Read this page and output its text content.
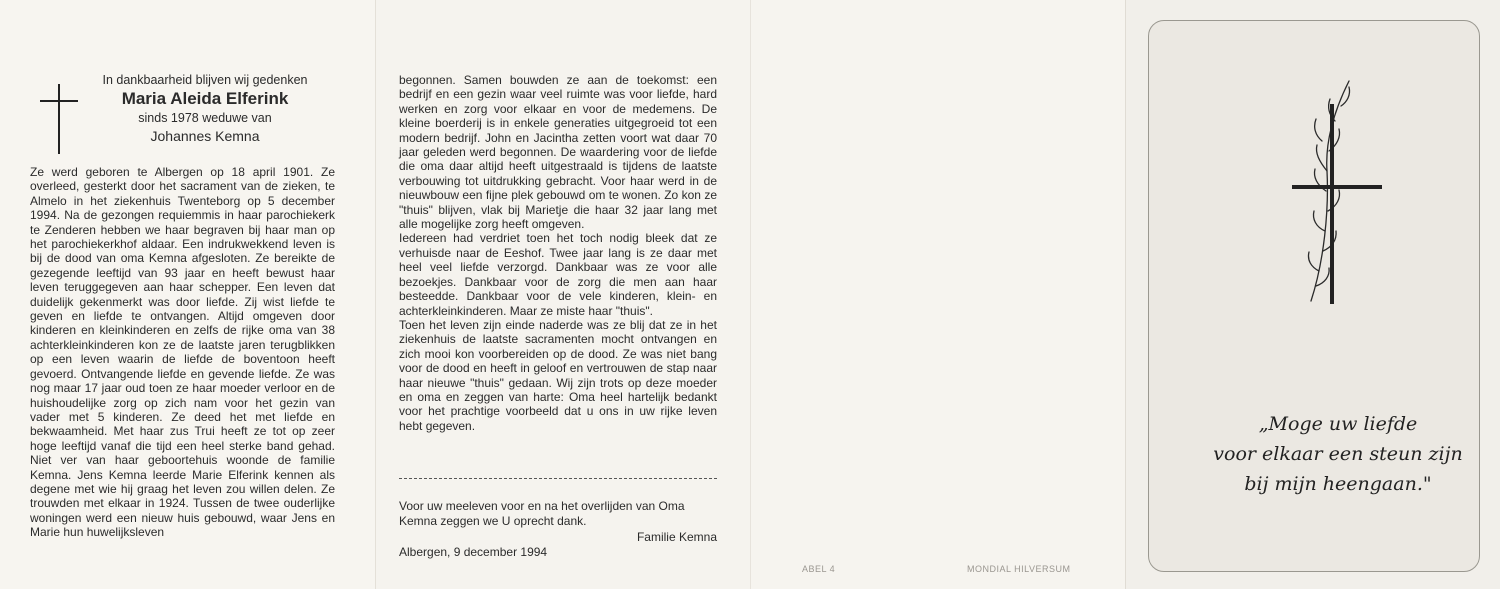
In dankbaarheid blijven wij gedenken
Maria Aleida Elferink
sinds 1978 weduwe van
Johannes Kemna
Ze werd geboren te Albergen op 18 april 1901. Ze overleed, gesterkt door het sacrament van de zieken, te Almelo in het ziekenhuis Twenteborg op 5 december 1994. Na de gezongen requiemmis in haar parochiekerk te Zenderen hebben we haar begraven bij haar man op het parochiekerkhof aldaar. Een indrukwekkend leven is bij de dood van oma Kemna afgesloten. Ze bereikte de gezegende leeftijd van 93 jaar en heeft bewust haar leven teruggegeven aan haar schepper. Een leven dat duidelijk gekenmerkt was door liefde. Zij wist liefde te geven en liefde te ontvangen. Altijd omgeven door kinderen en kleinkinderen en zelfs de rijke oma van 38 achterkleinkinderen kon ze de laatste jaren terugblikken op een leven waarin de liefde de boventoon heeft gevoerd. Ontvangende liefde en gevende liefde. Ze was nog maar 17 jaar oud toen ze haar moeder verloor en de huishoudelijke zorg op zich nam voor het gezin van vader met 5 kinderen. Ze deed het met liefde en bekwaamheid. Met haar zus Trui heeft ze tot op zeer hoge leeftijd vanaf die tijd een heel sterke band gehad. Niet ver van haar geboortehuis woonde de familie Kemna. Jens Kemna leerde Marie Elferink kennen als degene met wie hij graag het leven zou willen delen. Ze trouwden met elkaar in 1924. Tussen de twee ouderlijke woningen werd een nieuw huis gebouwd, waar Jens en Marie hun huwelijksleven
begonnen. Samen bouwden ze aan de toekomst: een bedrijf en een gezin waar veel ruimte was voor liefde, hard werken en zorg voor elkaar en voor de medemens. De kleine boerderij is in enkele generaties uitgegroeid tot een modern bedrijf. John en Jacintha zetten voort wat daar 70 jaar geleden werd begonnen. De waardering voor de liefde die oma daar altijd heeft uitgestraald is tijdens de laatste verbouwing tot uitdrukking gebracht. Voor haar werd in de nieuwbouw een fijne plek gebouwd om te wonen. Zo kon ze "thuis" blijven, vlak bij Marietje die haar 32 jaar lang met alle mogelijke zorg heeft omgeven.
Iedereen had verdriet toen het toch nodig bleek dat ze verhuisde naar de Eeshof. Twee jaar lang is ze daar met heel veel liefde verzorgd. Dankbaar was ze voor alle bezoekjes. Dankbaar voor de zorg die men aan haar besteedde. Dankbaar voor de vele kinderen, klein- en achterkleinkinderen. Maar ze miste haar "thuis".
Toen het leven zijn einde naderde was ze blij dat ze in het ziekenhuis de laatste sacramenten mocht ontvangen en zich mooi kon voorbereiden op de dood. Ze was niet bang voor de dood en heeft in geloof en vertrouwen de stap naar haar nieuwe "thuis" gedaan. Wij zijn trots op deze moeder en oma en zeggen van harte: Oma heel hartelijk bedankt voor het prachtige voorbeeld dat u ons in uw rijke leven hebt gegeven.
Voor uw meeleven voor en na het overlijden van Oma Kemna zeggen we U oprecht dank.
Familie Kemna
Albergen, 9 december 1994
ABEL 4	MONDIAL HILVERSUM
„Moge uw liefde
voor elkaar een steun zijn
bij mijn heengaan."
